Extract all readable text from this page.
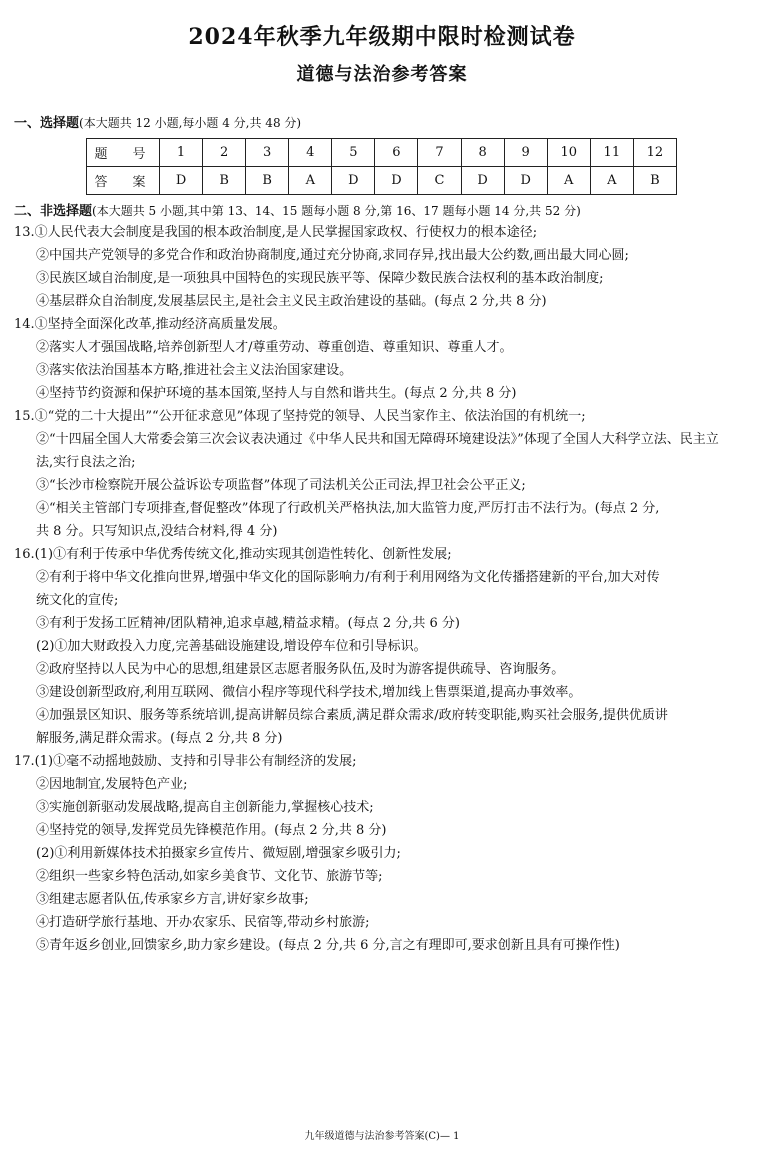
2024年秋季九年级期中限时检测试卷
道德与法治参考答案
一、选择题(本大题共 12 小题,每小题 4 分,共 48 分)
题　号	1	2	3	4	5	6	7	8	9	10	11	12
答　案	D	B	B	A	D	D	C	D	D	A	A	B
二、非选择题(本大题共 5 小题,其中第 13、14、15 题每小题 8 分,第 16、17 题每小题 14 分,共 52 分)
13.①人民代表大会制度是我国的根本政治制度,是人民掌握国家政权、行使权力的根本途径;
②中国共产党领导的多党合作和政治协商制度,通过充分协商,求同存异,找出最大公约数,画出最大同心圆;
③民族区域自治制度,是一项独具中国特色的实现民族平等、保障少数民族合法权利的基本政治制度;
④基层群众自治制度,发展基层民主,是社会主义民主政治建设的基础。(每点 2 分,共 8 分)
14.①坚持全面深化改革,推动经济高质量发展。
②落实人才强国战略,培养创新型人才/尊重劳动、尊重创造、尊重知识、尊重人才。
③落实依法治国基本方略,推进社会主义法治国家建设。
④坚持节约资源和保护环境的基本国策,坚持人与自然和谐共生。(每点 2 分,共 8 分)
15.①“党的二十大提出”“公开征求意见”体现了坚持党的领导、人民当家作主、依法治国的有机统一;
②“十四届全国人大常委会第三次会议表决通过《中华人民共和国无障碍环境建设法》”体现了全国人大科学立法、民主立
法,实行良法之治;
③“长沙市检察院开展公益诉讼专项监督”体现了司法机关公正司法,捍卫社会公平正义;
④“相关主管部门专项排查,督促整改”体现了行政机关严格执法,加大监管力度,严厉打击不法行为。(每点 2 分,
共 8 分。只写知识点,没结合材料,得 4 分)
16.(1)①有利于传承中华优秀传统文化,推动实现其创造性转化、创新性发展;
②有利于将中华文化推向世界,增强中华文化的国际影响力/有利于利用网络为文化传播搭建新的平台,加大对传
统文化的宣传;
③有利于发扬工匠精神/团队精神,追求卓越,精益求精。(每点 2 分,共 6 分)
(2)①加大财政投入力度,完善基础设施建设,增设停车位和引导标识。
②政府坚持以人民为中心的思想,组建景区志愿者服务队伍,及时为游客提供疏导、咨询服务。
③建设创新型政府,利用互联网、微信小程序等现代科学技术,增加线上售票渠道,提高办事效率。
④加强景区知识、服务等系统培训,提高讲解员综合素质,满足群众需求/政府转变职能,购买社会服务,提供优质讲
解服务,满足群众需求。(每点 2 分,共 8 分)
17.(1)①毫不动摇地鼓励、支持和引导非公有制经济的发展;
②因地制宜,发展特色产业;
③实施创新驱动发展战略,提高自主创新能力,掌握核心技术;
④坚持党的领导,发挥党员先锋模范作用。(每点 2 分,共 8 分)
(2)①利用新媒体技术拍摄家乡宣传片、微短剧,增强家乡吸引力;
②组织一些家乡特色活动,如家乡美食节、文化节、旅游节等;
③组建志愿者队伍,传承家乡方言,讲好家乡故事;
④打造研学旅行基地、开办农家乐、民宿等,带动乡村旅游;
⑤青年返乡创业,回馈家乡,助力家乡建设。(每点 2 分,共 6 分,言之有理即可,要求创新且具有可操作性)
九年级道德与法治参考答案(C)— 1
